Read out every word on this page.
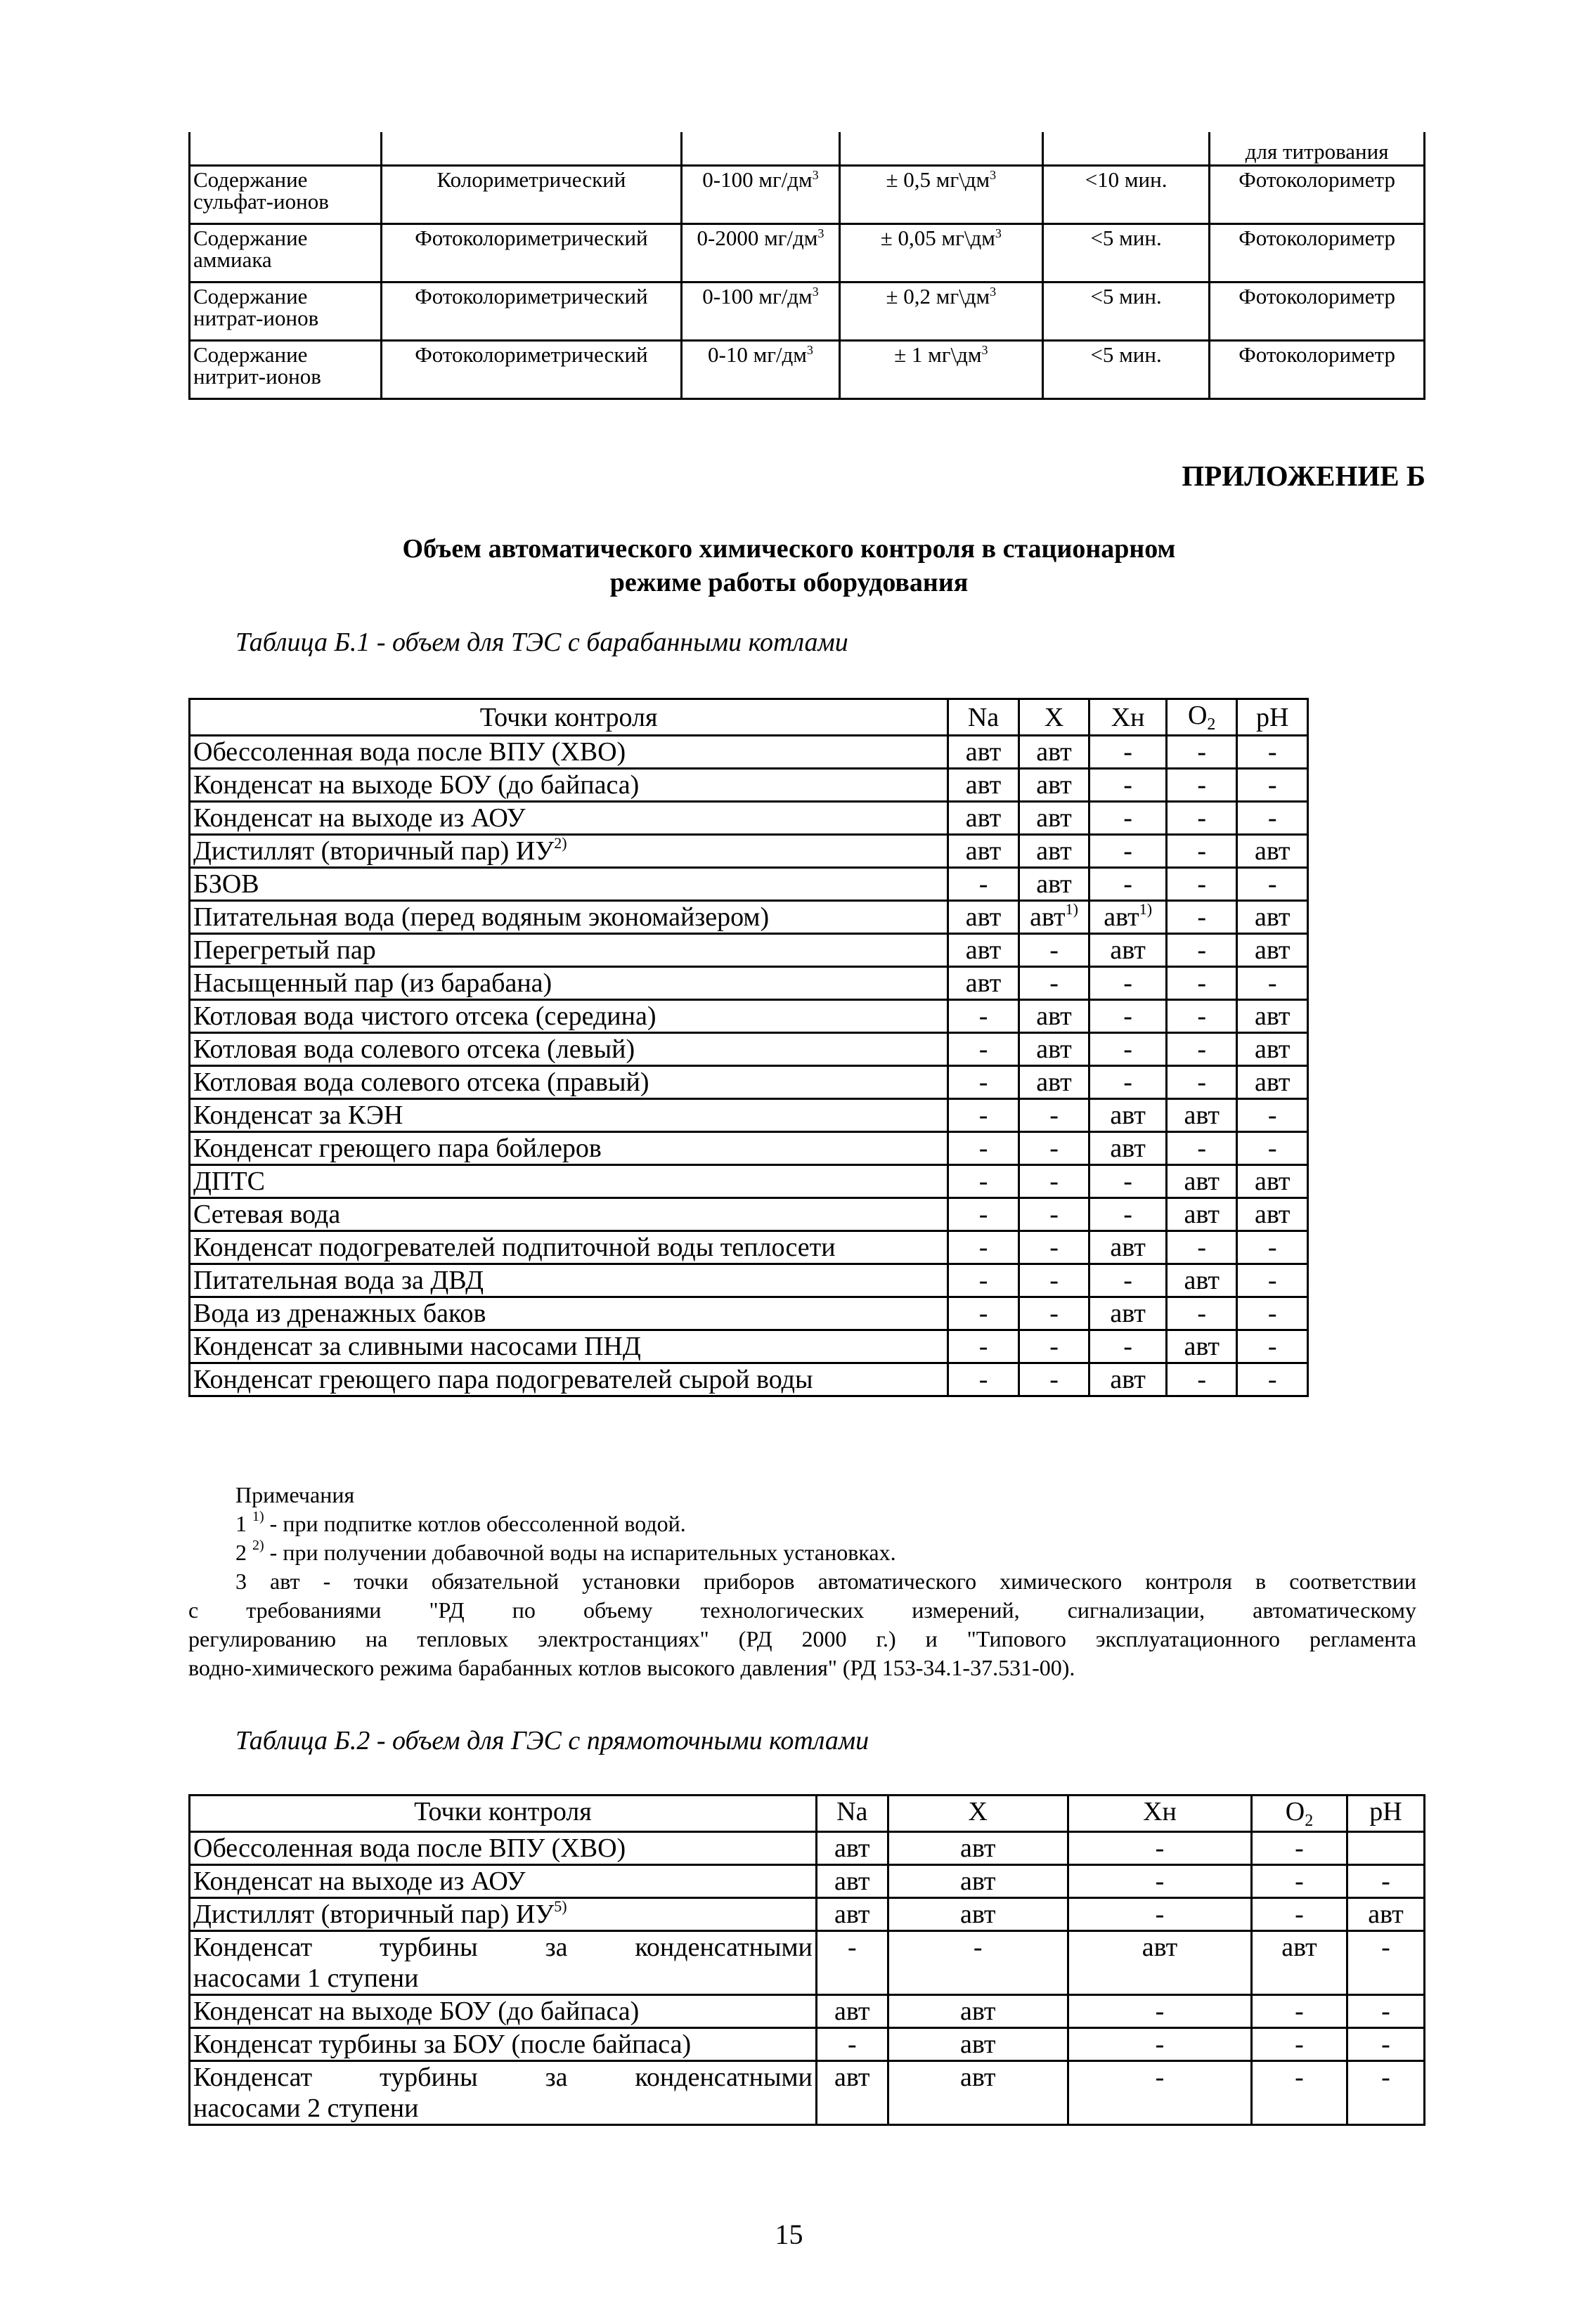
					для титрования
Содержание
сульфат-ионов	Колориметрический	0-100 $мг/дм^3$	± 0,5 $мг\backslash дм^3$	<10 мин.	Фотоколориметр
Содержание
аммиака	Фотоколориметрический	0-2000 $мг/дм^3$	± 0,05 $мг\backslash дм^3$	<5 мин.	Фотоколориметр
Содержание
нитрат-ионов	Фотоколориметрический	0-100 $мг/дм^3$	± 0,2 $мг\backslash дм^3$	<5 мин.	Фотоколориметр
Содержание
нитрит-ионов	Фотоколориметрический	0-10 $мг/дм^3$	± 1 $мг\backslash дм^3$	<5 мин.	Фотоколориметр
ПРИЛОЖЕНИЕ Б
Объем автоматического химического контроля в стационарном
режиме работы оборудования
Таблица Б.1 - объем для ТЭС с барабанными котлами
Точки контроля	Na	X	Хн	$O_2$	pH
Обессоленная вода после ВПУ (ХВО)	авт	авт	-	-	-
Конденсат на выходе БОУ (до байпаса)	авт	авт	-	-	-
Конденсат на выходе из АОУ	авт	авт	-	-	-
Дистиллят (вторичный пар) ИУ$^{2)}$	авт	авт	-	-	авт
БЗОВ	-	авт	-	-	-
Питательная вода (перед водяным экономайзером)	авт	авт$^{1)}$	авт$^{1)}$	-	авт
Перегретый пар	авт	-	авт	-	авт
Насыщенный пар (из барабана)	авт	-	-	-	-
Котловая вода чистого отсека (середина)	-	авт	-	-	авт
Котловая вода солевого отсека (левый)	-	авт	-	-	авт
Котловая вода солевого отсека (правый)	-	авт	-	-	авт
Конденсат за КЭН	-	-	авт	авт	-
Конденсат греющего пара бойлеров	-	-	авт	-	-
ДПТС	-	-	-	авт	авт
Сетевая вода	-	-	-	авт	авт
Конденсат подогревателей подпиточной воды теплосети	-	-	авт	-	-
Питательная вода за ДВД	-	-	-	авт	-
Вода из дренажных баков	-	-	авт	-	-
Конденсат за сливными насосами ПНД	-	-	-	авт	-
Конденсат греющего пара подогревателей сырой воды	-	-	авт	-	-
Примечания
1 $^{1)}$ - при подпитке котлов обессоленной водой.
2 $^{2)}$ - при получении добавочной воды на испарительных установках.
3 авт - точки обязательной установки приборов автоматического химического контроля в соответствии
с требованиями "РД по объему технологических измерений, сигнализации, автоматическому
регулированию на тепловых электростанциях" (РД 2000 г.) и "Типового эксплуатационного регламента
водно-химического режима барабанных котлов высокого давления" (РД 153-34.1-37.531-00).
Таблица Б.2 - объем для ГЭС с прямоточными котлами
Точки контроля	Na	X	Хн	$O_2$	pH
Обессоленная вода после ВПУ (ХВО)	авт	авт	-	-	
Конденсат на выходе из АОУ	авт	авт	-	-	-
Дистиллят (вторичный пар) ИУ$^{5)}$	авт	авт	-	-	авт

Конденсат турбины за конденсатными
насосами 1 ступени	-	-	авт	авт	-
Конденсат на выходе БОУ (до байпаса)	авт	авт	-	-	-
Конденсат турбины за БОУ (после байпаса)	-	авт	-	-	-

Конденсат турбины за конденсатными
насосами 2 ступени	авт	авт	-	-	-
15
